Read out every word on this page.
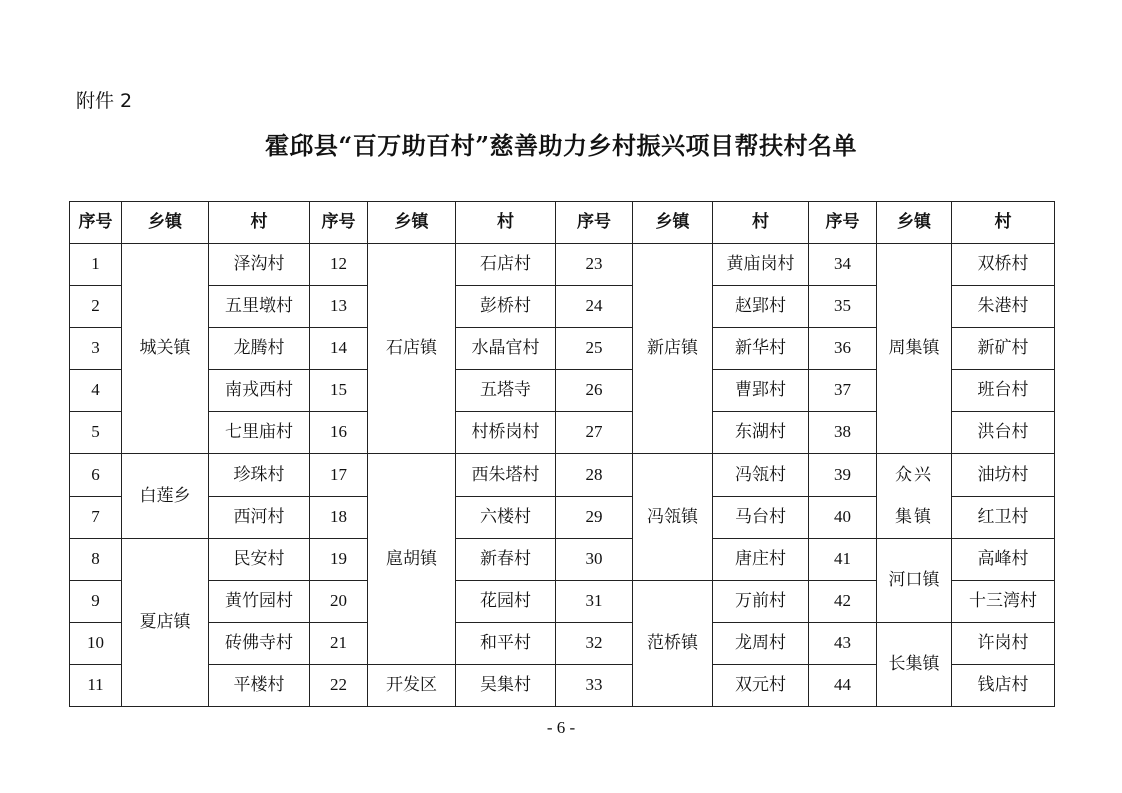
附件 2
霍邱县“百万助百村”慈善助力乡村振兴项目帮扶村名单
序号	乡镇	村	序号	乡镇	村	序号	乡镇	村	序号	乡镇	村
1	城关镇	泽沟村	12	石店镇	石店村	23	新店镇	黄庙岗村	34	周集镇	双桥村
2		五里墩村	13		彭桥村	24		赵郢村	35		朱港村
3		龙腾村	14		水晶官村	25		新华村	36		新矿村
4		南戎西村	15		五塔寺	26		曹郢村	37		班台村
5		七里庙村	16		村桥岗村	27		东湖村	38		洪台村
6	白莲乡	珍珠村	17	扈胡镇	西朱塔村	28	冯瓴镇	冯瓴村	39	众兴集镇	油坊村
7		西河村	18		六楼村	29		马台村	40		红卫村
8	夏店镇	民安村	19		新春村	30		唐庄村	41	河口镇	高峰村
9		黄竹园村	20		花园村	31	范桥镇	万前村	42		十三湾村
10		砖佛寺村	21		和平村	32		龙周村	43	长集镇	许岗村
11		平楼村	22	开发区	吴集村	33		双元村	44		钱店村
- 6 -
